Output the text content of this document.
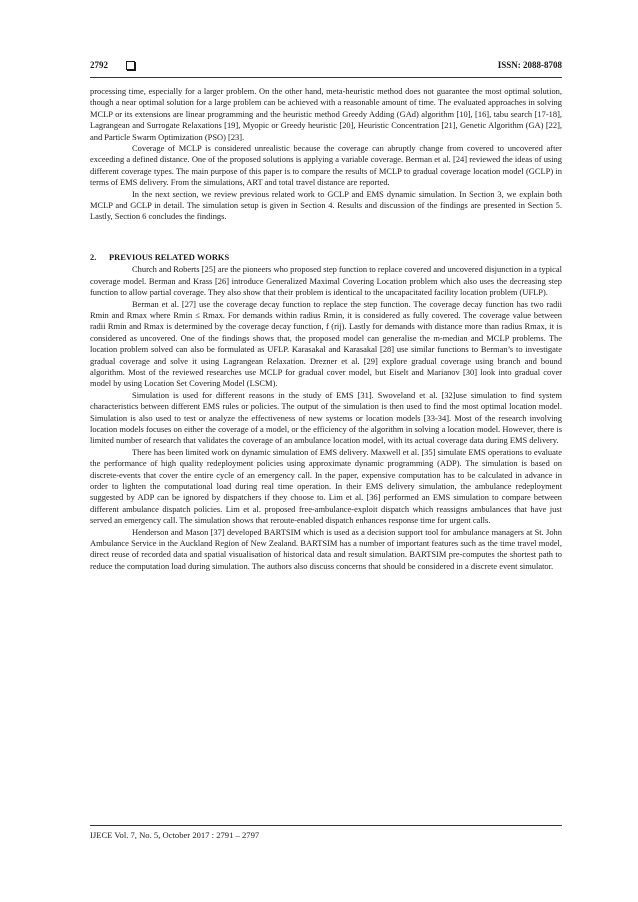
2792	ISSN: 2088-8708

processing time, especially for a larger problem. On the other hand, meta-heuristic method does not guarantee the most optimal solution, though a near optimal solution for a large problem can be achieved with a reasonable amount of time. The evaluated approaches in solving MCLP or its extensions are linear programming and the heuristic method Greedy Adding (GAd) algorithm [10], [16], tabu search [17-18], Lagrangean and Surrogate Relaxations [19], Myopic or Greedy heuristic [20], Heuristic Concentration [21], Genetic Algorithm (GA) [22], and Particle Swarm Optimization (PSO) [23].

Coverage of MCLP is considered unrealistic because the coverage can abruptly change from covered to uncovered after exceeding a defined distance. One of the proposed solutions is applying a variable coverage. Berman et al. [24] reviewed the ideas of using different coverage types. The main purpose of this paper is to compare the results of MCLP to gradual coverage location model (GCLP) in terms of EMS delivery. From the simulations, ART and total travel distance are reported.

In the next section, we review previous related work to GCLP and EMS dynamic simulation. In Section 3, we explain both MCLP and GCLP in detail. The simulation setup is given in Section 4. Results and discussion of the findings are presented in Section 5. Lastly, Section 6 concludes the findings.

2. PREVIOUS RELATED WORKS

Church and Roberts [25] are the pioneers who proposed step function to replace covered and uncovered disjunction in a typical coverage model. Berman and Krass [26] introduce Generalized Maximal Covering Location problem which also uses the decreasing step function to allow partial coverage. They also show that their problem is identical to the uncapacitated facility location problem (UFLP).

Berman et al. [27] use the coverage decay function to replace the step function. The coverage decay function has two radii Rmin and Rmax where Rmin ≤ Rmax. For demands within radius Rmin, it is considered as fully covered. The coverage value between radii Rmin and Rmax is determined by the coverage decay function, f (rij). Lastly for demands with distance more than radius Rmax, it is considered as uncovered. One of the findings shows that, the proposed model can generalise the m-median and MCLP problems. The location problem solved can also be formulated as UFLP. Karasakal and Karasakal [28] use similar functions to Berman’s to investigate gradual coverage and solve it using Lagrangean Relaxation. Drezner et al. [29] explore gradual coverage using branch and bound algorithm. Most of the reviewed researches use MCLP for gradual cover model, but Eiselt and Marianov [30] look into gradual cover model by using Location Set Covering Model (LSCM).

Simulation is used for different reasons in the study of EMS [31]. Swoveland et al. [32]use simulation to find system characteristics between different EMS rules or policies. The output of the simulation is then used to find the most optimal location model. Simulation is also used to test or analyze the effectiveness of new systems or location models [33-34]. Most of the research involving location models focuses on either the coverage of a model, or the efficiency of the algorithm in solving a location model. However, there is limited number of research that validates the coverage of an ambulance location model, with its actual coverage data during EMS delivery.

There has been limited work on dynamic simulation of EMS delivery. Maxwell et al. [35] simulate EMS operations to evaluate the performance of high quality redeployment policies using approximate dynamic programming (ADP). The simulation is based on discrete-events that cover the entire cycle of an emergency call. In the paper, expensive computation has to be calculated in advance in order to lighten the computational load during real time operation. In their EMS delivery simulation, the ambulance redeployment suggested by ADP can be ignored by dispatchers if they choose to. Lim et al. [36] performed an EMS simulation to compare between different ambulance dispatch policies. Lim et al. proposed free-ambulance-exploit dispatch which reassigns ambulances that have just served an emergency call. The simulation shows that reroute-enabled dispatch enhances response time for urgent calls.

Henderson and Mason [37] developed BARTSIM which is used as a decision support tool for ambulance managers at St. John Ambulance Service in the Auckland Region of New Zealand. BARTSIM has a number of important features such as the time travel model, direct reuse of recorded data and spatial visualisation of historical data and result simulation. BARTSIM pre-computes the shortest path to reduce the computation load during simulation. The authors also discuss concerns that should be considered in a discrete event simulator.

IJECE Vol. 7, No. 5, October 2017 : 2791 – 2797
